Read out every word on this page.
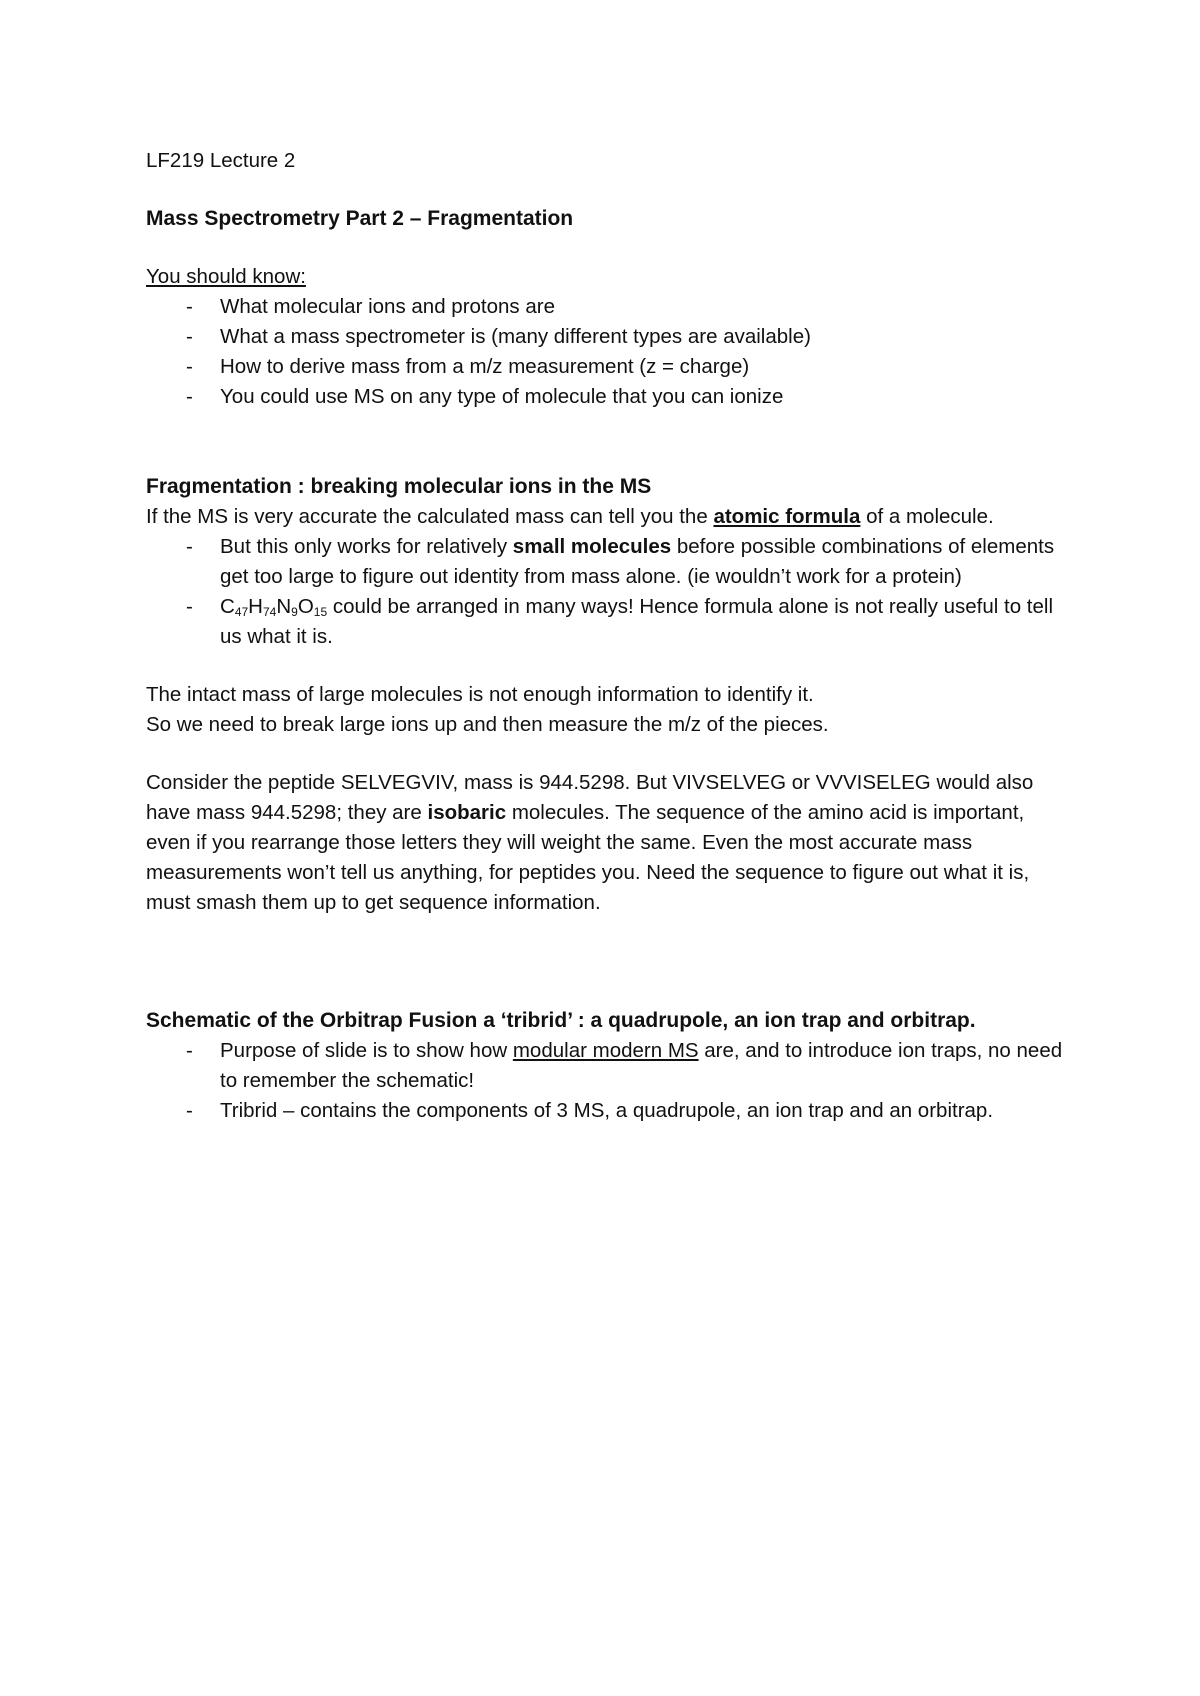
LF219 Lecture 2

Mass Spectrometry Part 2 – Fragmentation

You should know:

- What molecular ions and protons are
- What a mass spectrometer is (many different types are available)
- How to derive mass from a m/z measurement (z = charge)
- You could use MS on any type of molecule that you can ionize
Fragmentation : breaking molecular ions in the MS

If the MS is very accurate the calculated mass can tell you the atomic formula of a molecule.

- But this only works for relatively small molecules before possible combinations of elements get too large to figure out identity from mass alone. (ie wouldn’t work for a protein)
- $C_{47}H_{74}N_9O_{15}$ could be arranged in many ways! Hence formula alone is not really useful to tell us what it is.

The intact mass of large molecules is not enough information to identify it.

So we need to break large ions up and then measure the m/z of the pieces.

Consider the peptide SELVEGVIV, mass is 944.5298. But VIVSELVEG or VVVISELEG would also have mass 944.5298; they are isobaric molecules. The sequence of the amino acid is important, even if you rearrange those letters they will weight the same. Even the most accurate mass measurements won’t tell us anything, for peptides you. Need the sequence to figure out what it is, must smash them up to get sequence information.

Schematic of the Orbitrap Fusion a ‘tribrid’ : a quadrupole, an ion trap and orbitrap.
- Purpose of slide is to show how modular modern MS are, and to introduce ion traps, no need to remember the schematic!
- Tribrid – contains the components of 3 MS, a quadrupole, an ion trap and an orbitrap.
